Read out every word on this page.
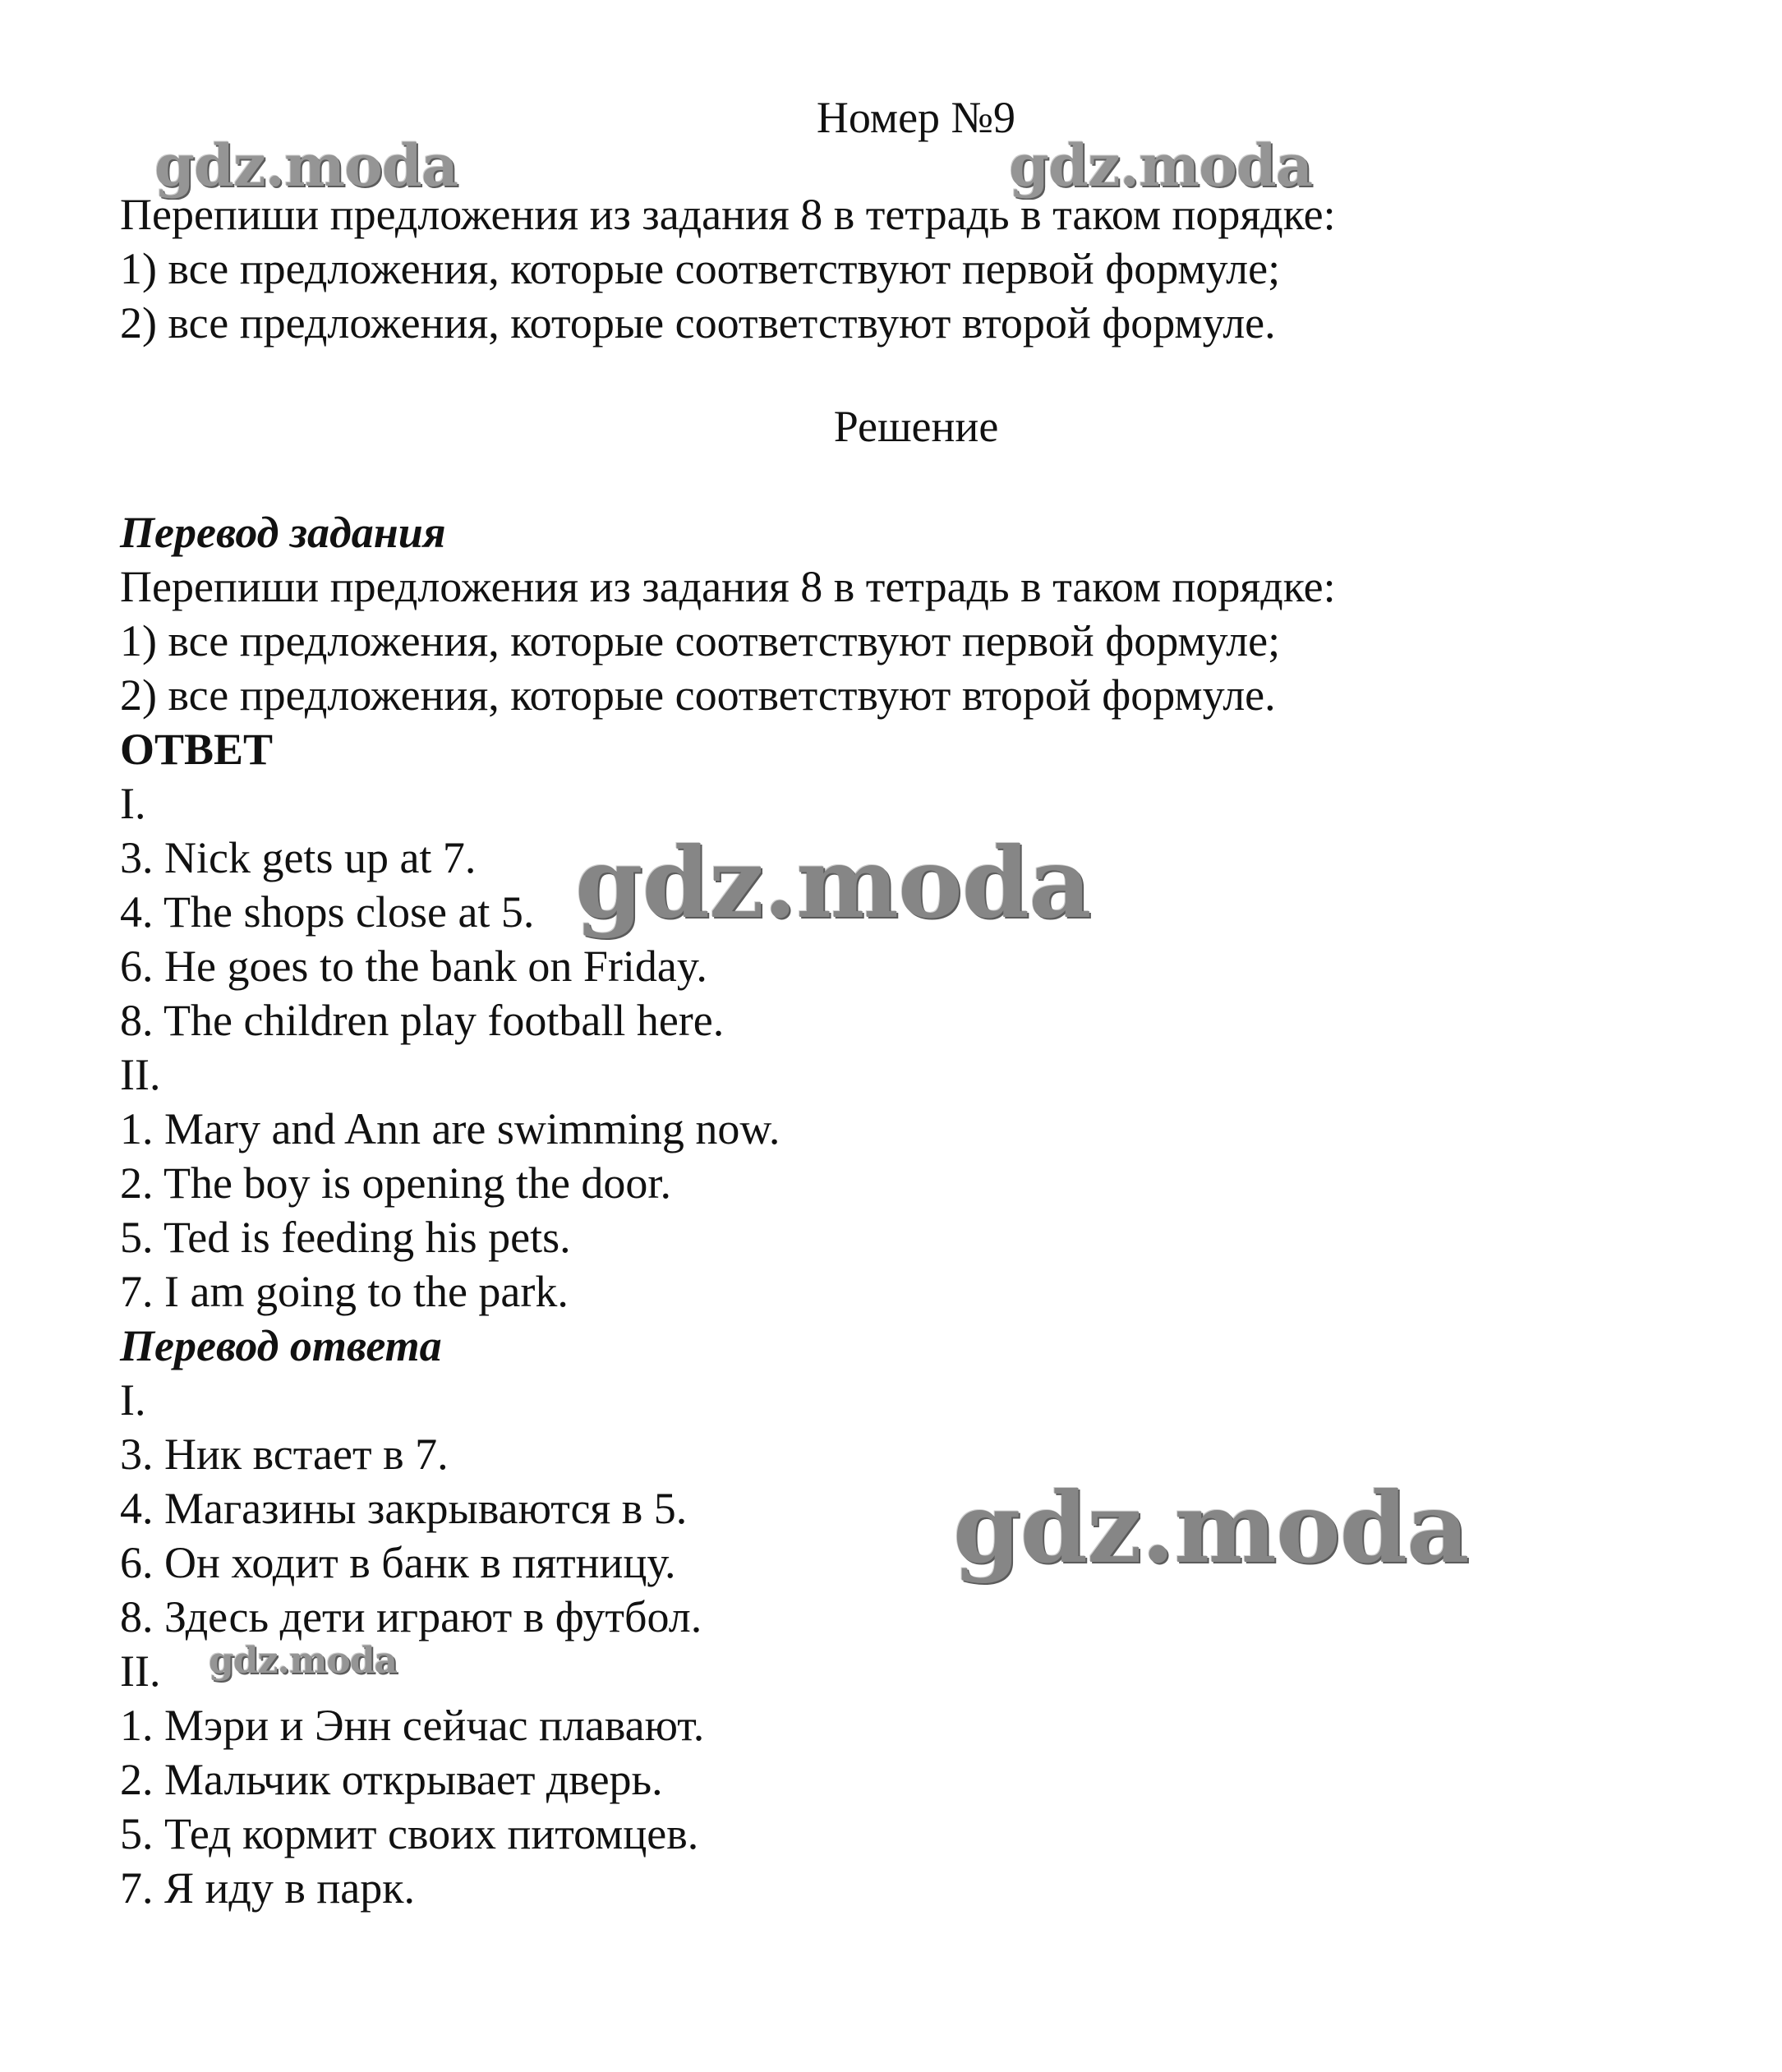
Номер №9
Перепиши предложения из задания 8 в тетрадь в таком порядке:
1) все предложения, которые соответствуют первой формуле;
2) все предложения, которые соответствуют второй формуле.
Решение
Перевод задания
Перепиши предложения из задания 8 в тетрадь в таком порядке:
1) все предложения, которые соответствуют первой формуле;
2) все предложения, которые соответствуют второй формуле.
ОТВЕТ
I.
3. Nick gets up at 7.
4. The shops close at 5.
6. He goes to the bank on Friday.
8. The children play football here.
II.
1. Mary and Ann are swimming now.
2. The boy is opening the door.
5. Ted is feeding his pets.
7. I am going to the park.
Перевод ответа
I.
3. Ник встает в 7.
4. Магазины закрываются в 5.
6. Он ходит в банк в пятницу.
8. Здесь дети играют в футбол.
II.
1. Мэри и Энн сейчас плавают.
2. Мальчик открывает дверь.
5. Тед кормит своих питомцев.
7. Я иду в парк.
gdz.moda	gdz.moda
gdz.moda
gdz.moda
gdz.moda
